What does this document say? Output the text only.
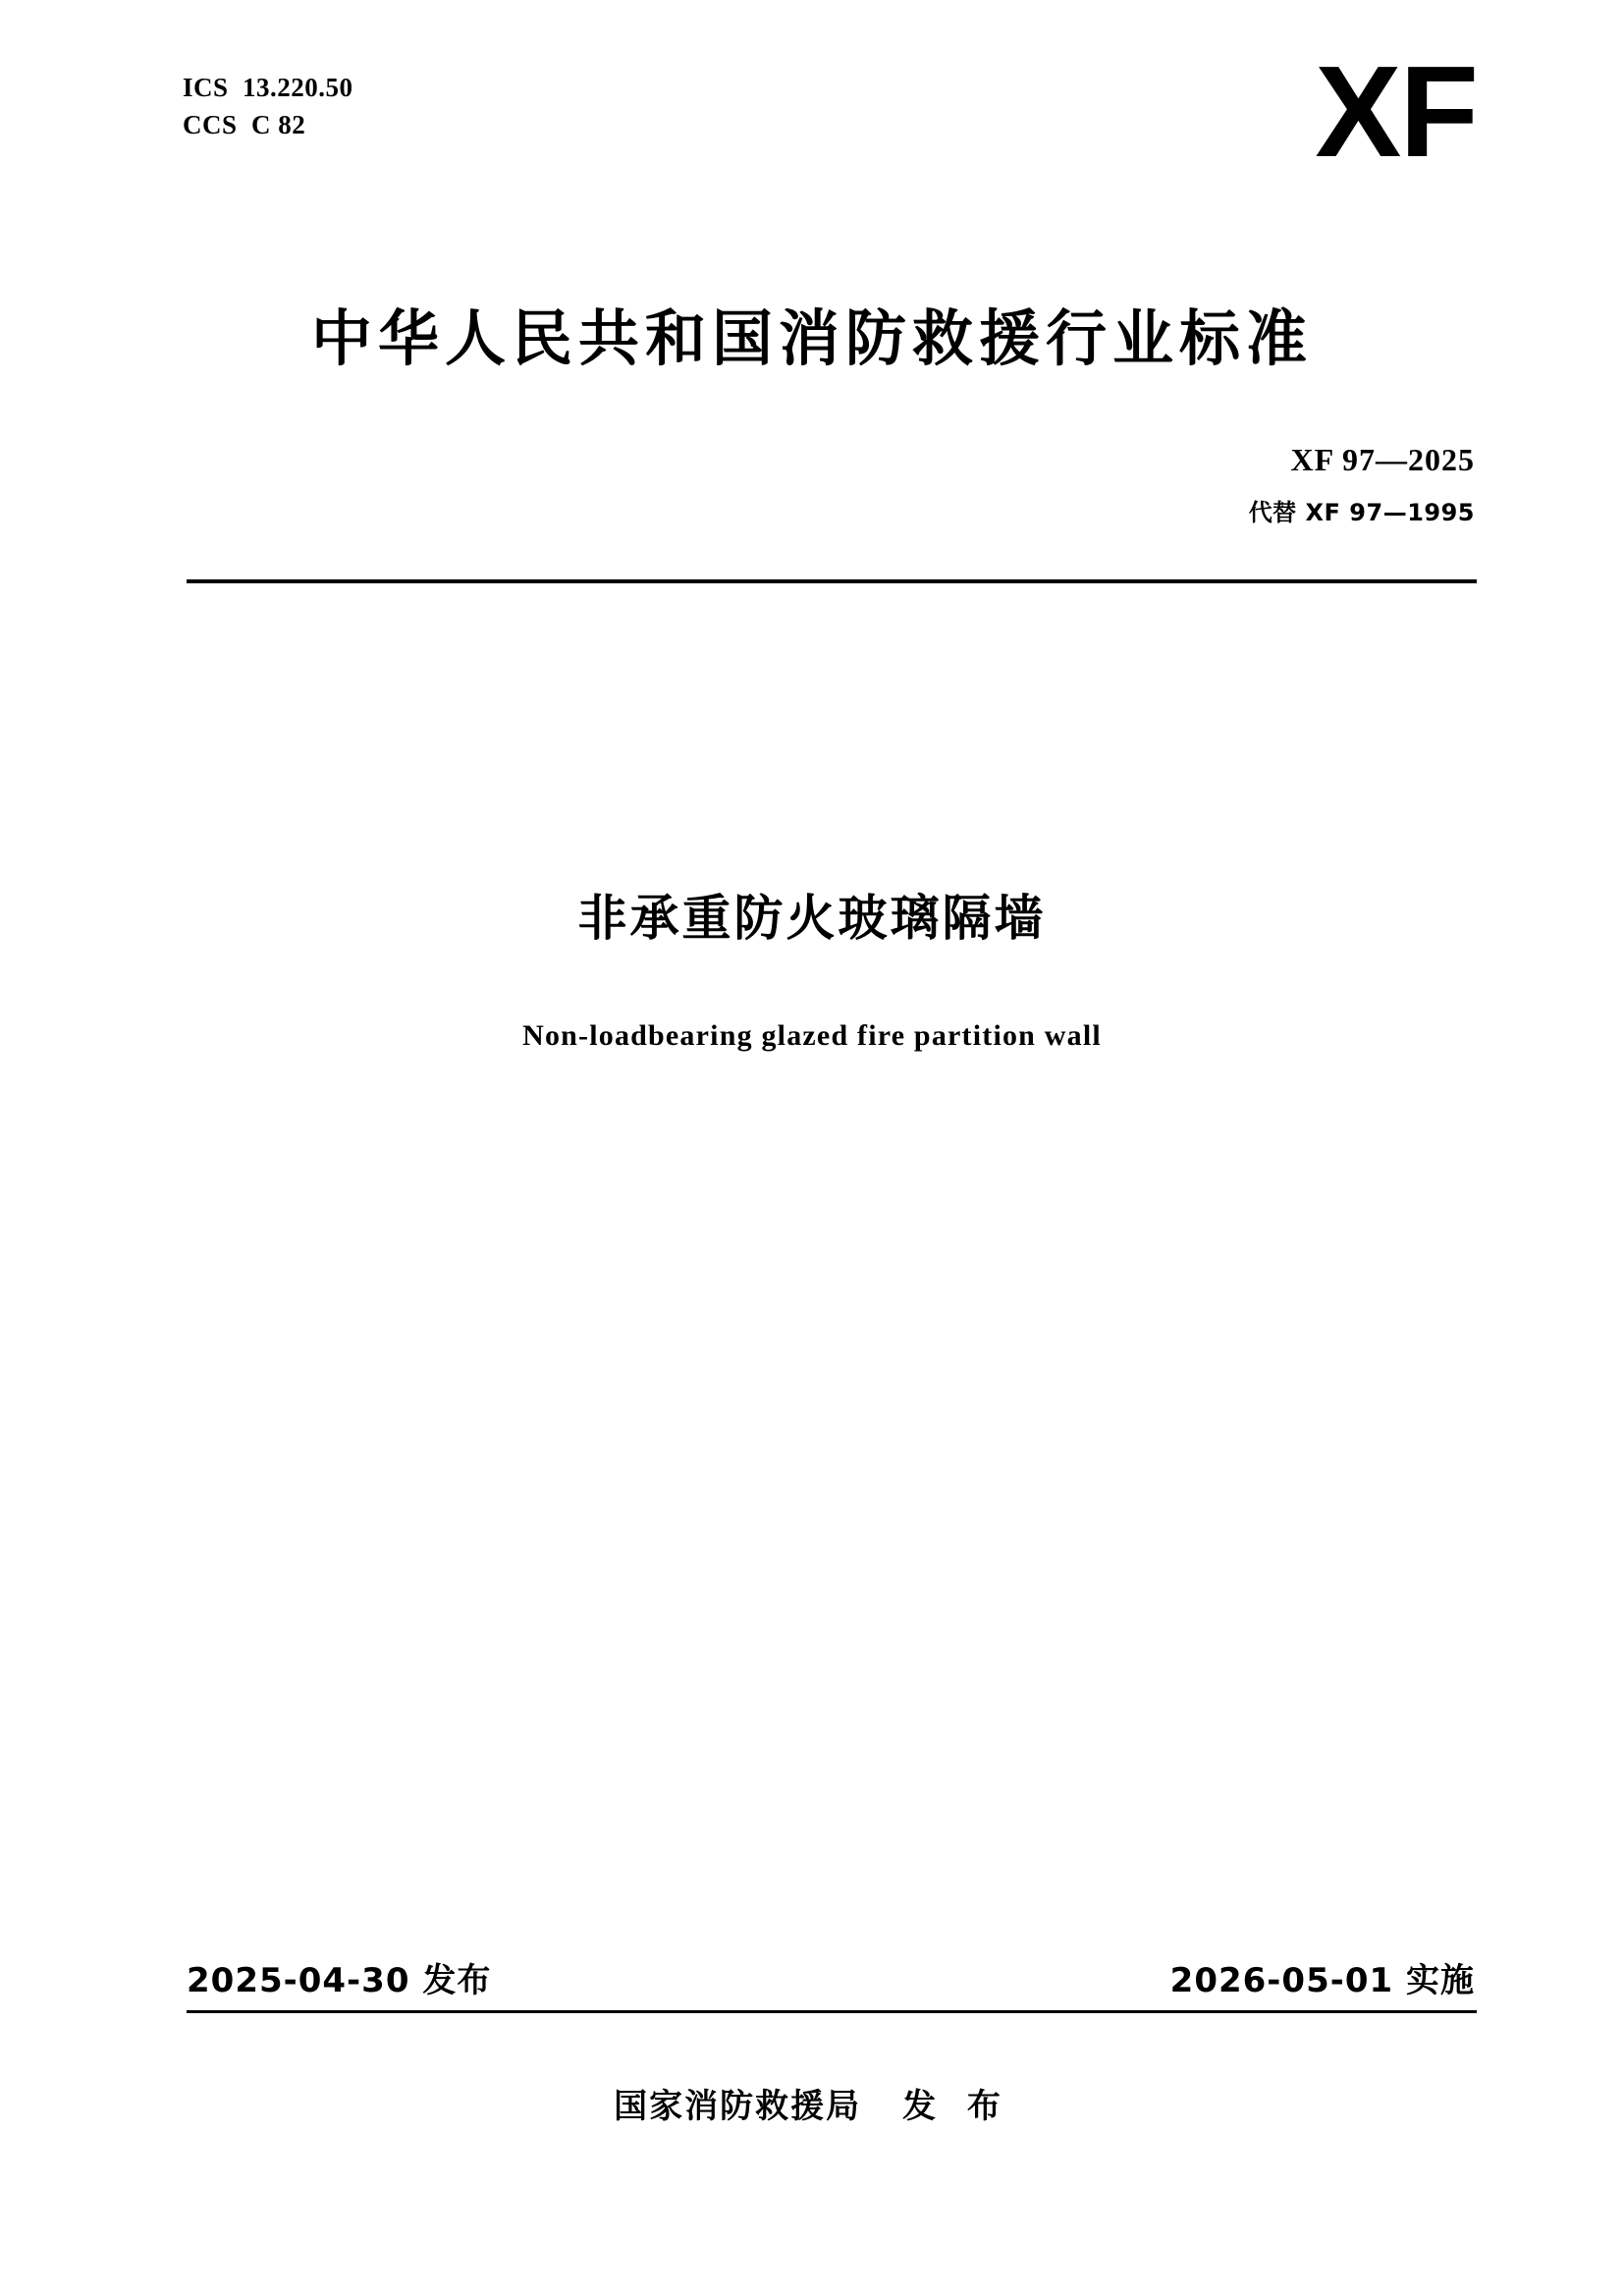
ICS  13.220.50
CCS  C 82	XF
中华人民共和国消防救援行业标准
XF 97—2025
代替 XF 97—1995
非承重防火玻璃隔墙
Non-loadbearing glazed fire partition wall
2025-04-30 发布	2026-05-01 实施
国家消防救援局 发 布
